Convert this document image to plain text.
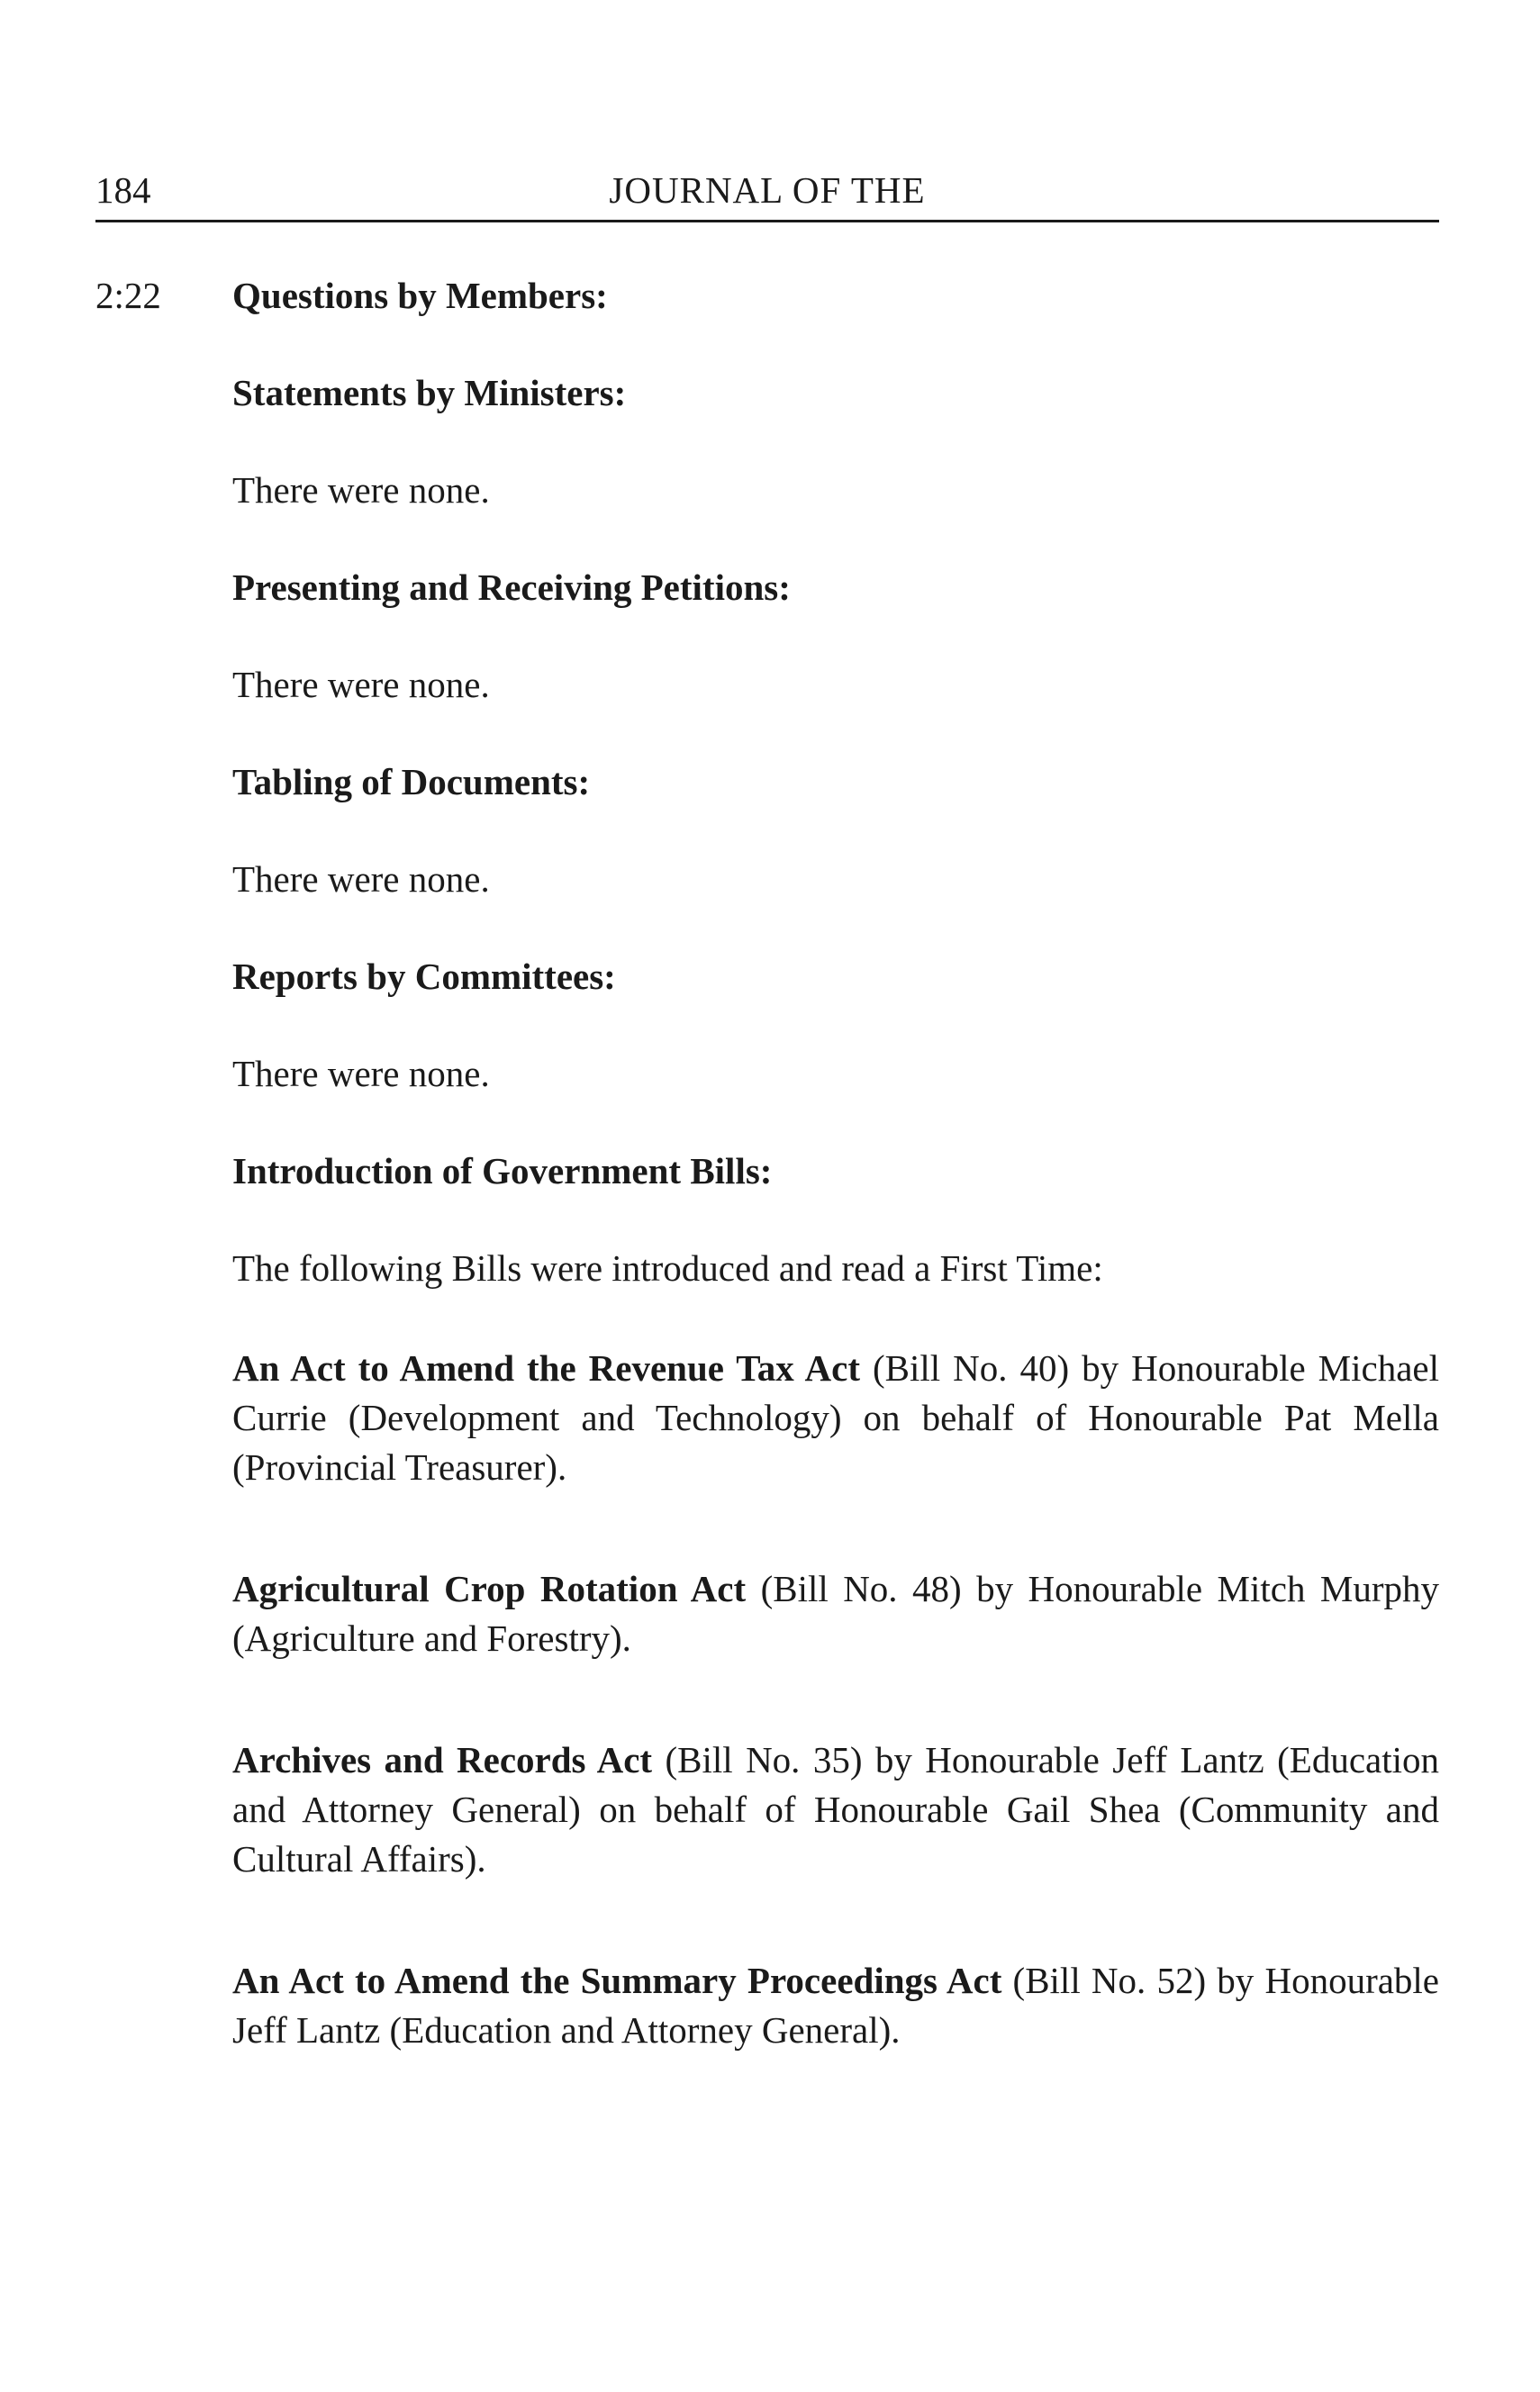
184	JOURNAL OF THE
2:22 Questions by Members:

Statements by Ministers:

There were none.

Presenting and Receiving Petitions:

There were none.

Tabling of Documents:

There were none.

Reports by Committees:

There were none.

Introduction of Government Bills:

The following Bills were introduced and read a First Time:

An Act to Amend the Revenue Tax Act (Bill No. 40) by Honourable Michael Currie (Development and Technology) on behalf of Honourable Pat Mella (Provincial Treasurer).

Agricultural Crop Rotation Act (Bill No. 48) by Honourable Mitch Murphy (Agriculture and Forestry).

Archives and Records Act (Bill No. 35) by Honourable Jeff Lantz (Education and Attorney General) on behalf of Honourable Gail Shea (Community and Cultural Affairs).

An Act to Amend the Summary Proceedings Act (Bill No. 52) by Honourable Jeff Lantz (Education and Attorney General).
